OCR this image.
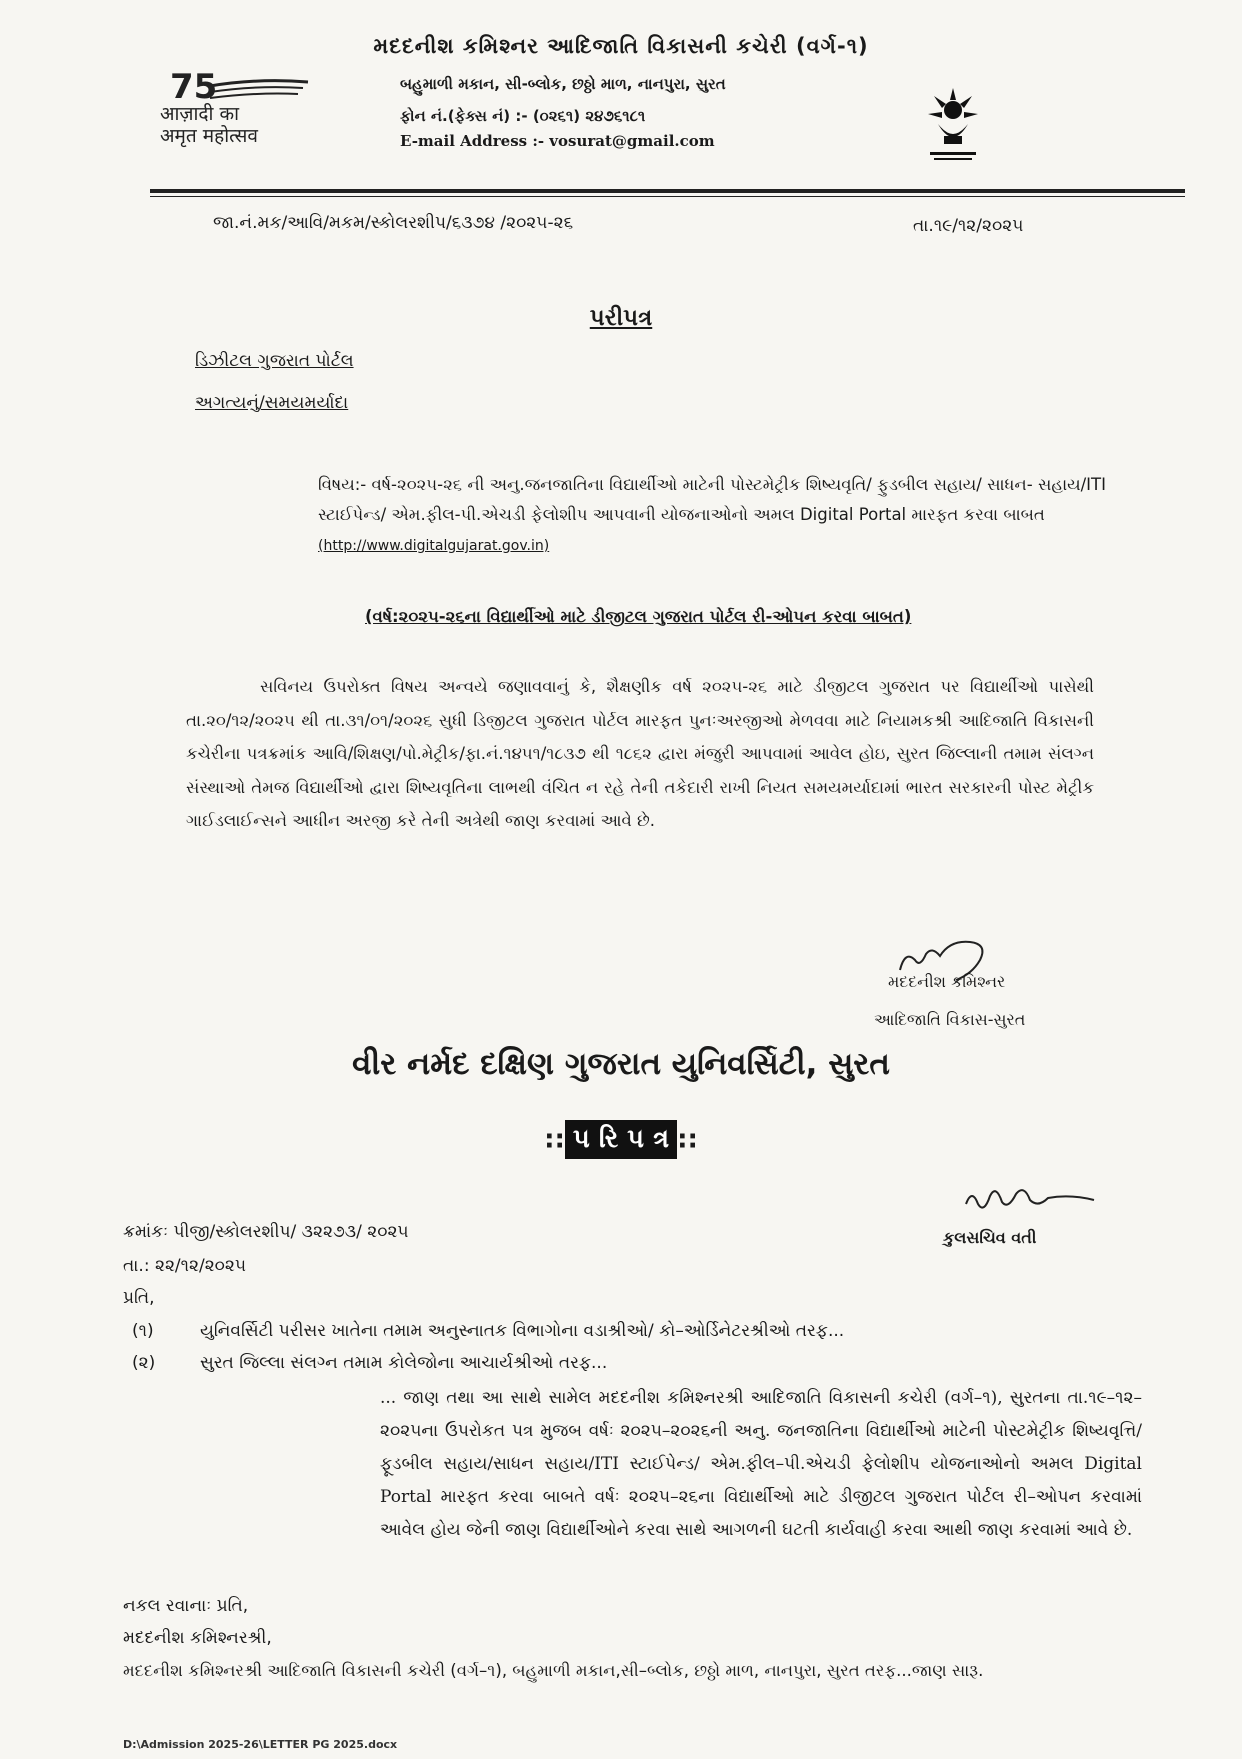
મદદનીશ કમિશ્નર આદિજાતિ વિકાસની કચેરી (વર્ગ-૧)
75
आज़ादी का
अमृत महोत्सव
બહુમાળી મકાન, સી-બ્લોક, છઠ્ઠો માળ, નાનપુરા, સુરત
ફોન નં.(ફેક્સ નં) :- (૦૨૬૧) ૨૪૭૬૧૮૧
E-mail Address :- vosurat@gmail.com
જા.નં.મક/આવિ/મકમ/સ્કોલરશીપ/૬૩૭૪ /૨૦૨૫-૨૬	તા.૧૯/૧૨/૨૦૨૫
પરીપત્ર
ડિઝીટલ ગુજરાત પોર્ટલ
અગત્યનું/સમયમર્યાદા
વિષય:- વર્ષ-૨૦૨૫-૨૬ ની અનુ.જનજાતિના વિદ્યાર્થીઓ માટેની પોસ્ટમેટ્રીક શિષ્યવૃતિ/ ફુડબીલ સહાય/ સાધન- સહાય/ITI સ્ટાઈપેન્ડ/ એમ.ફીલ-પી.એચડી ફેલોશીપ આપવાની યોજનાઓનો અમલ Digital Portal મારફત કરવા બાબત
(http://www.digitalgujarat.gov.in)
(વર્ષ:૨૦૨૫-૨૬ના વિદ્યાર્થીઓ માટે ડીજીટલ ગુજરાત પોર્ટલ રી-ઓપન કરવા બાબત)
સવિનય ઉપરોક્ત વિષય અન્વયે જણાવવાનું કે, શૈક્ષણીક વર્ષ ૨૦૨૫-૨૬ માટે ડીજીટલ ગુજરાત પર વિદ્યાર્થીઓ પાસેથી તા.૨૦/૧૨/૨૦૨૫ થી તા.૩૧/૦૧/૨૦૨૬ સુધી ડિજીટલ ગુજરાત પોર્ટલ મારફત પુનઃઅરજીઓ મેળવવા માટે નિયામકશ્રી આદિજાતિ વિકાસની કચેરીના પત્રક્રમાંક આવિ/શિક્ષણ/પો.મેટ્રીક/ફા.નં.૧૪૫૧/૧૮૩૭ થી ૧૮૬૨ દ્વારા મંજુરી આપવામાં આવેલ હોઇ, સુરત જિલ્લાની તમામ સંલગ્ન સંસ્થાઓ તેમજ વિદ્યાર્થીઓ દ્વારા શિષ્યવૃતિના લાભથી વંચિત ન રહે તેની તકેદારી રાખી નિયત સમયમર્યાદામાં ભારત સરકારની પોસ્ટ મેટ્રીક ગાઈડલાઈન્સને આધીન અરજી કરે તેની અત્રેથી જાણ કરવામાં આવે છે.
મદદનીશ કમિશ્નર
આદિજાતિ વિકાસ-સુરત
વીર નર્મદ દક્ષિણ ગુજરાત યુનિવર્સિટી, સુરત
:: પ રિ પ ત્ર ::
કુલસચિવ વતી
ક્રમાંકઃ પીજી/સ્કોલરશીપ/ ૩૨૨૭૩/ ૨૦૨૫
તા.: ૨૨/૧૨/૨૦૨૫
પ્રતિ,
(૧)	યુનિવર્સિટી પરીસર ખાતેના તમામ અનુસ્નાતક વિભાગોના વડાશ્રીઓ/ કો–ઓર્ડિનેટરશ્રીઓ તરફ...
(૨)	સુરત જિલ્લા સંલગ્ન તમામ કોલેજોના આચાર્યશ્રીઓ તરફ...
... જાણ તથા આ સાથે સામેલ મદદનીશ કમિશ્નરશ્રી આદિજાતિ વિકાસની કચેરી (વર્ગ–૧), સુરતના તા.૧૯–૧૨–૨૦૨૫ના ઉપરોકત પત્ર મુજબ વર્ષઃ ૨૦૨૫–૨૦૨૬ની અનુ. જનજાતિના વિદ્યાર્થીઓ માટેની પોસ્ટમેટ્રીક શિષ્યવૃત્તિ/ ફૂડબીલ સહાય/સાધન સહાય/ITI સ્ટાઈપેન્ડ/ એમ.ફીલ–પી.એચડી ફેલોશીપ યોજનાઓનો અમલ Digital Portal મારફત કરવા બાબતે વર્ષઃ ૨૦૨૫–૨૬ના વિદ્યાર્થીઓ માટે ડીજીટલ ગુજરાત પોર્ટલ રી–ઓપન કરવામાં આવેલ હોય જેની જાણ વિદ્યાર્થીઓને કરવા સાથે આગળની ઘટતી કાર્યવાહી કરવા આથી જાણ કરવામાં આવે છે.
નકલ રવાનાઃ પ્રતિ,
મદદનીશ કમિશ્નરશ્રી,
મદદનીશ કમિશ્નરશ્રી આદિજાતિ વિકાસની કચેરી (વર્ગ–૧), બહુમાળી મકાન,સી–બ્લોક, છઠ્ઠો માળ, નાનપુરા, સુરત તરફ...જાણ સારૂ.
D:\Admission 2025-26\LETTER PG 2025.docx
